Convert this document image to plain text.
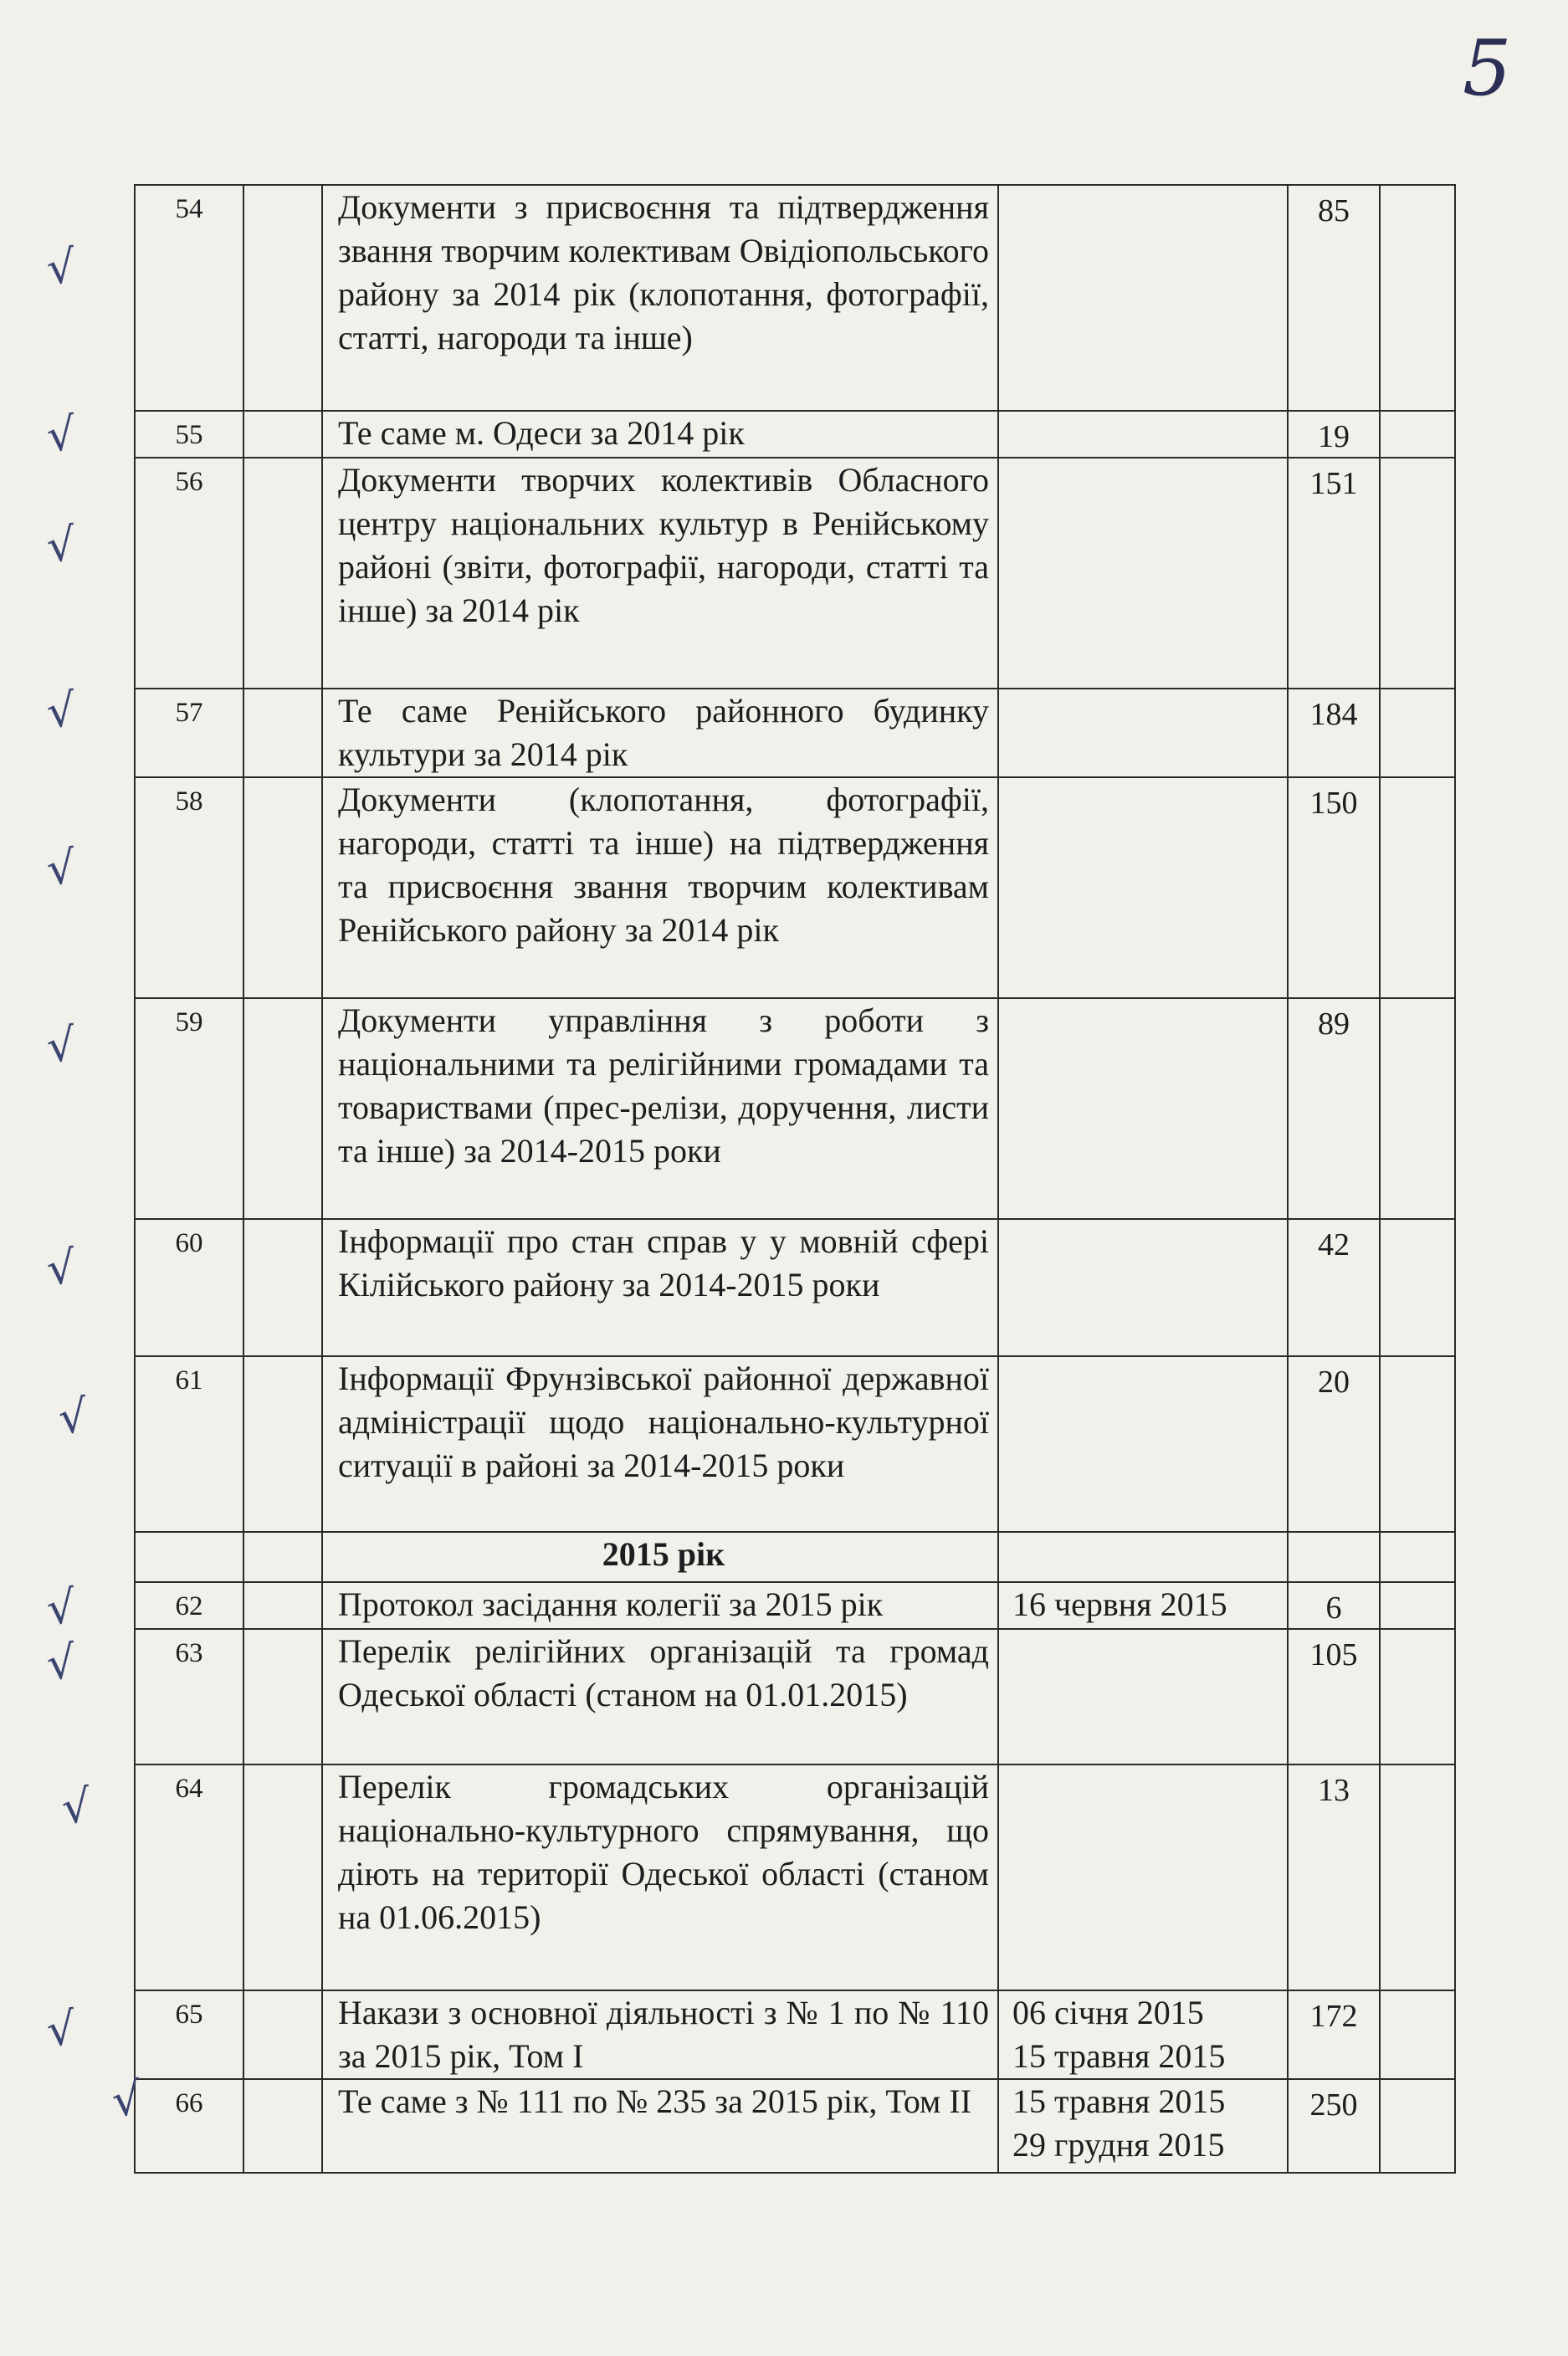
5
54		Документи з присвоєння та підтвердження звання творчим колективам Овідіопольського району за 2014 рік (клопотання, фотографії, статті, нагороди та інше)		85	
55		Те саме м. Одеси за 2014 рік		19	
56		Документи творчих колективів Обласного центру національних культур в Ренійському районі (звіти, фотографії, нагороди, статті та інше) за 2014 рік		151	
57		Те саме Ренійського районного будинку культури за 2014 рік		184	
58		Документи (клопотання, фотографії, нагороди, статті та інше) на підтвердження та присвоєння звання творчим колективам Ренійського району за 2014 рік		150	
59		Документи управління з роботи з національними та релігійними громадами та товариствами (прес-релізи, доручення, листи та інше) за 2014-2015 роки		89	
60		Інформації про стан справ у у мовній сфері Кілійського району за 2014-2015 роки		42	
61		Інформації Фрунзівської районної державної адміністрації щодо національно-культурної ситуації в районі за 2014-2015 роки		20	
		2015 рік			
62		Протокол засідання колегії за 2015 рік	16 червня 2015	6	
63		Перелік релігійних організацій та громад Одеської області (станом на 01.01.2015)		105	
64		Перелік громадських організацій національно-культурного спрямування, що діють на території Одеської області (станом на 01.06.2015)		13	
65		Накази з основної діяльності з № 1 по № 110 за 2015 рік, Том І	06 січня 2015
15 травня 2015	172	
66		Те саме з № 111 по № 235 за 2015 рік, Том ІІ	15 травня 2015
29 грудня 2015	250	
√
√
√
√
√
√
√
√
√
√
√
√
√
